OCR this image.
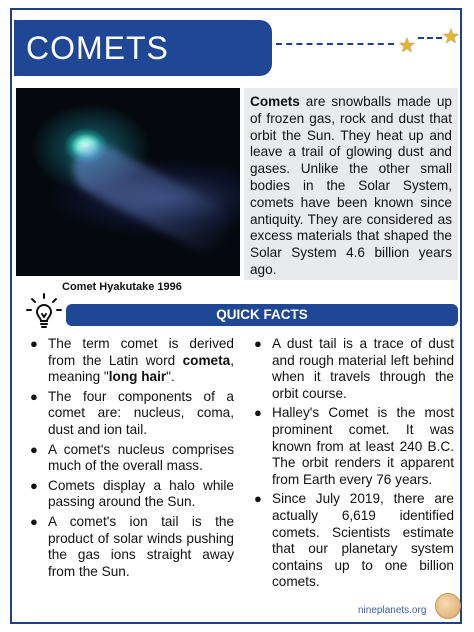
COMETS	★ ★
Comet Hyakutake 1996
Comets are snowballs made up of frozen gas, rock and dust that orbit the Sun. They heat up and leave a trail of glowing dust and gases. Unlike the other small bodies in the Solar System, comets have been known since antiquity. They are considered as excess materials that shaped the Solar System 4.6 billion years ago.
QUICK FACTS
● The term comet is derived from the Latin word cometa, meaning "long hair".
● The four components of a comet are: nucleus, coma, dust and ion tail.
● A comet's nucleus comprises much of the overall mass.
● Comets display a halo while passing around the Sun.
● A comet's ion tail is the product of solar winds pushing the gas ions straight away from the Sun.
● A dust tail is a trace of dust and rough material left behind when it travels through the orbit course.
● Halley's Comet is the most prominent comet. It was known from at least 240 B.C. The orbit renders it apparent from Earth every 76 years.
● Since July 2019, there are actually 6,619 identified comets. Scientists estimate that our planetary system contains up to one billion comets.
nineplanets.org
